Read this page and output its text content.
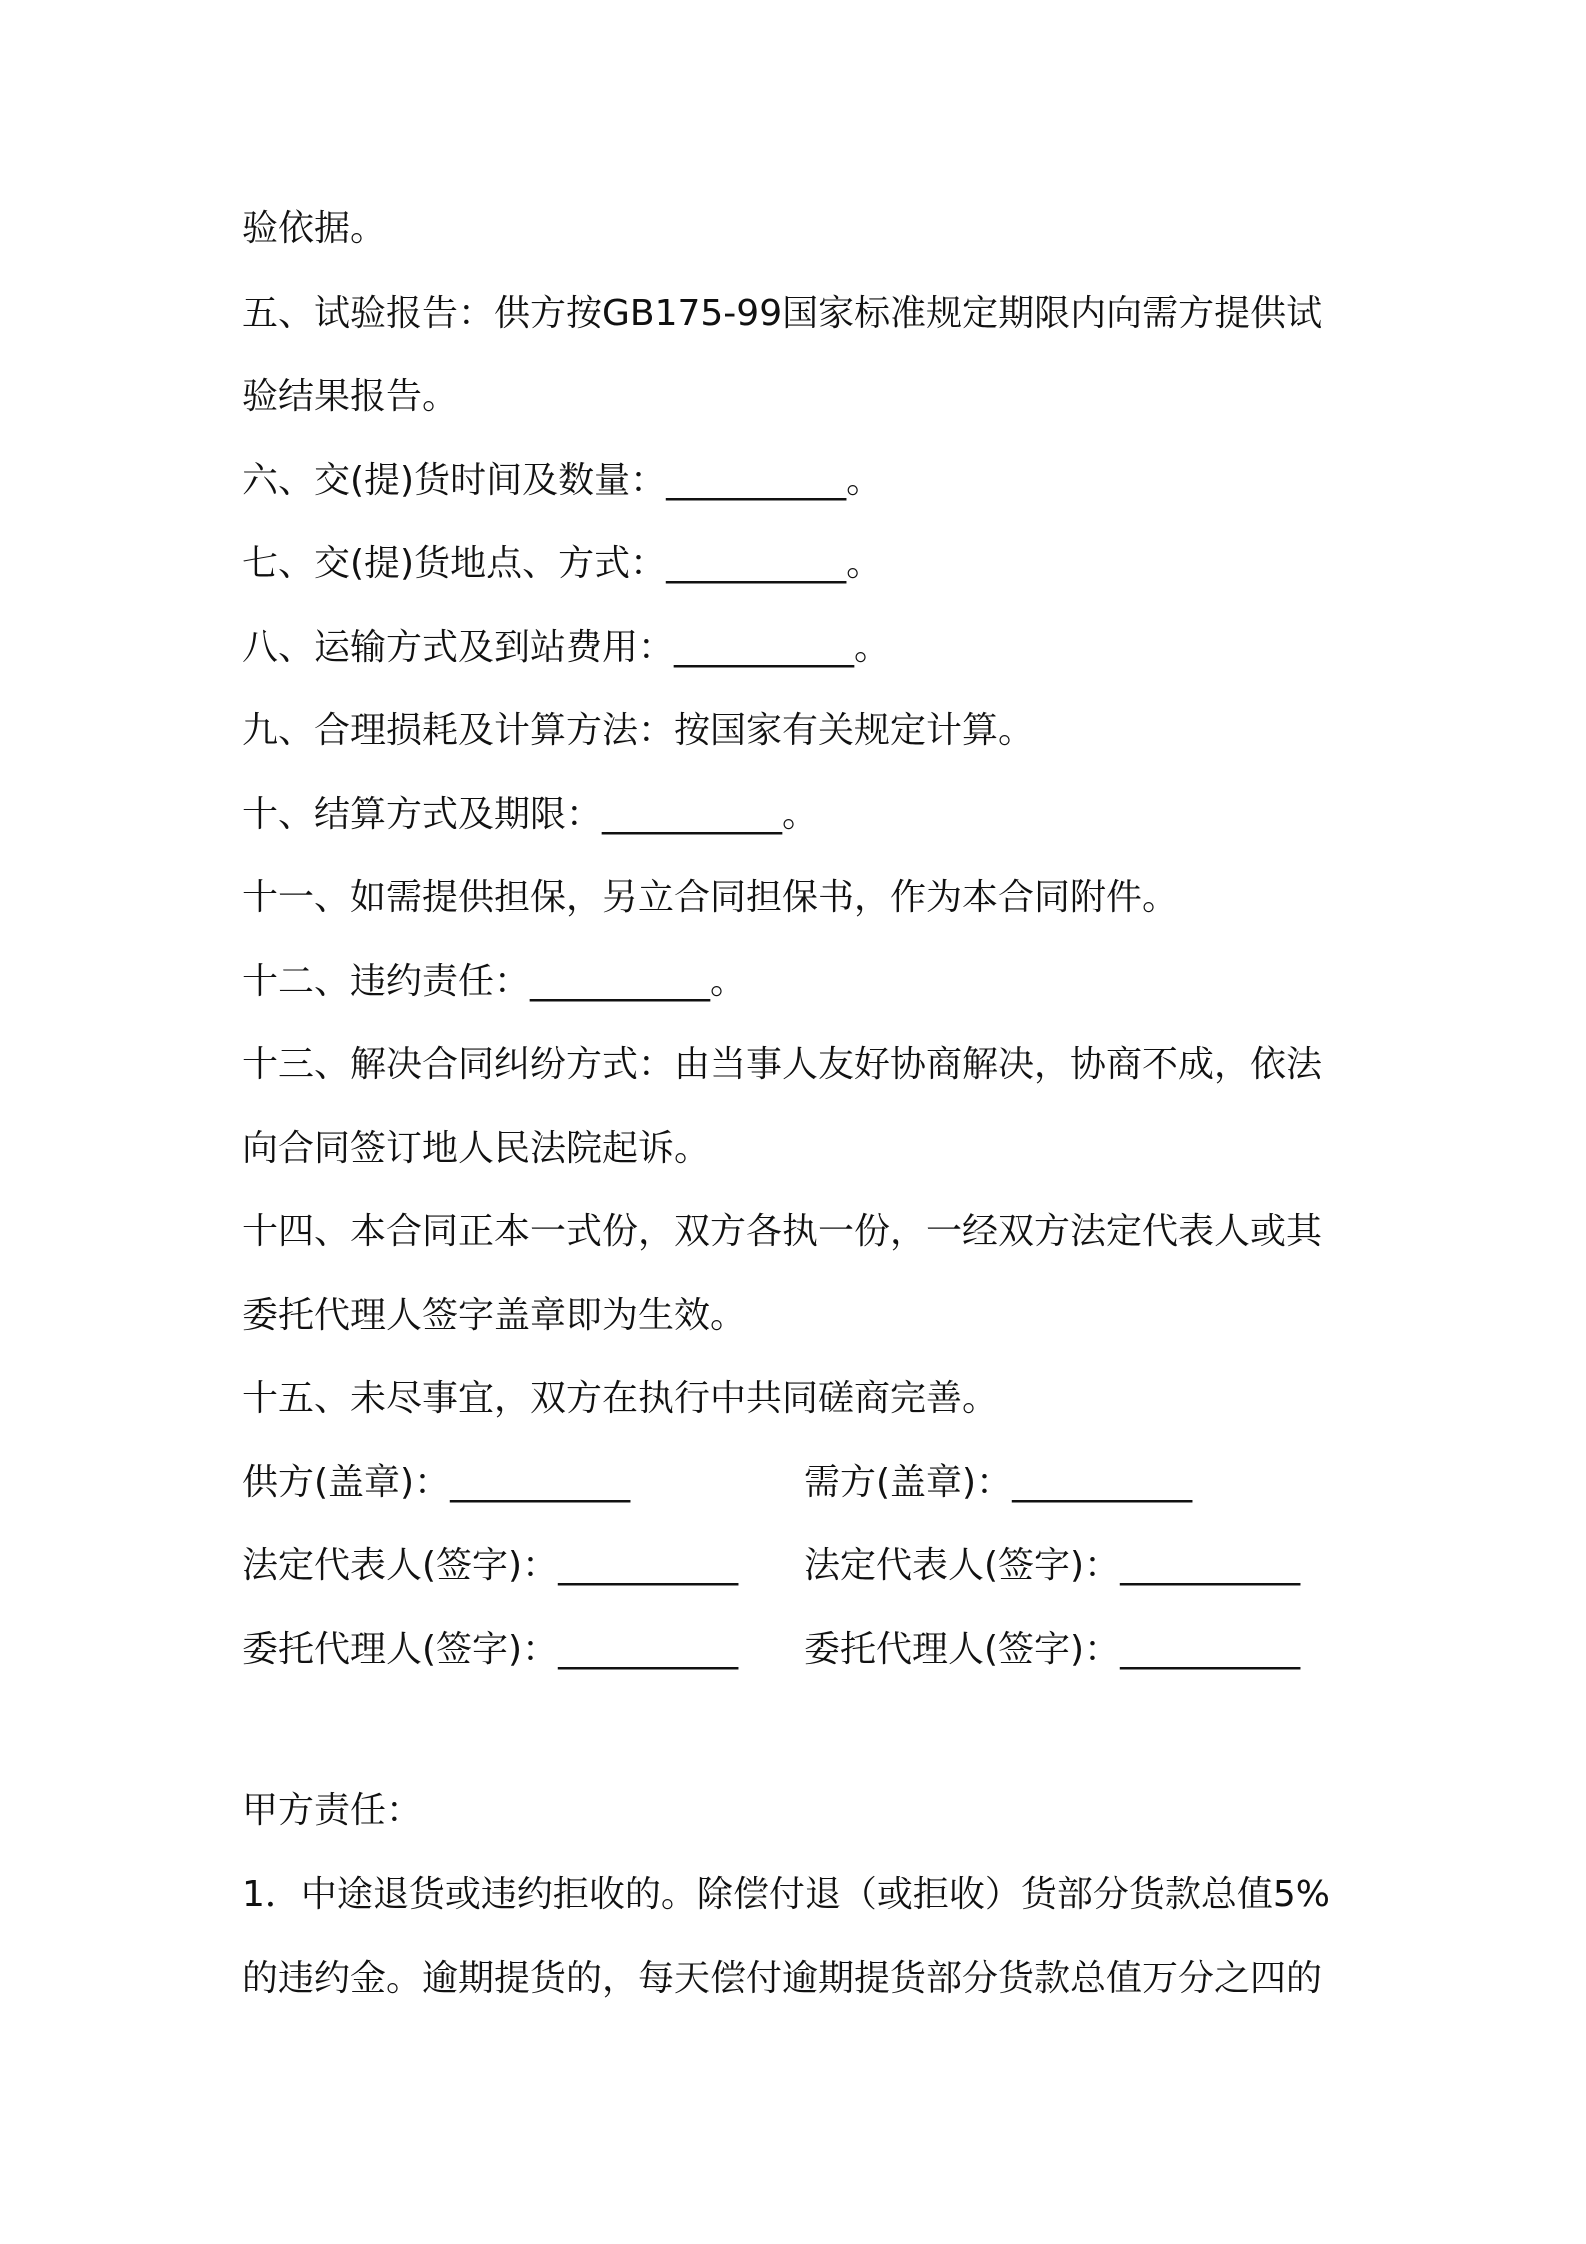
验依据。
五、试验报告：供方按GB175-99国家标准规定期限内向需方提供试
验结果报告。
六、交(提)货时间及数量：__________。
七、交(提)货地点、方式：__________。
八、运输方式及到站费用：__________。
九、合理损耗及计算方法：按国家有关规定计算。
十、结算方式及期限：__________。
十一、如需提供担保，另立合同担保书，作为本合同附件。
十二、违约责任：__________。
十三、解决合同纠纷方式：由当事人友好协商解决，协商不成，依法
向合同签订地人民法院起诉。
十四、本合同正本一式份，双方各执一份，一经双方法定代表人或其
委托代理人签字盖章即为生效。
十五、未尽事宜，双方在执行中共同磋商完善。
供方(盖章)：__________	需方(盖章)：__________
法定代表人(签字)：__________ 法定代表人(签字)：__________
委托代理人(签字)：__________ 委托代理人(签字)：__________
甲方责任：
1．中途退货或违约拒收的。除偿付退（或拒收）货部分货款总值5%
的违约金。逾期提货的，每天偿付逾期提货部分货款总值万分之四的
